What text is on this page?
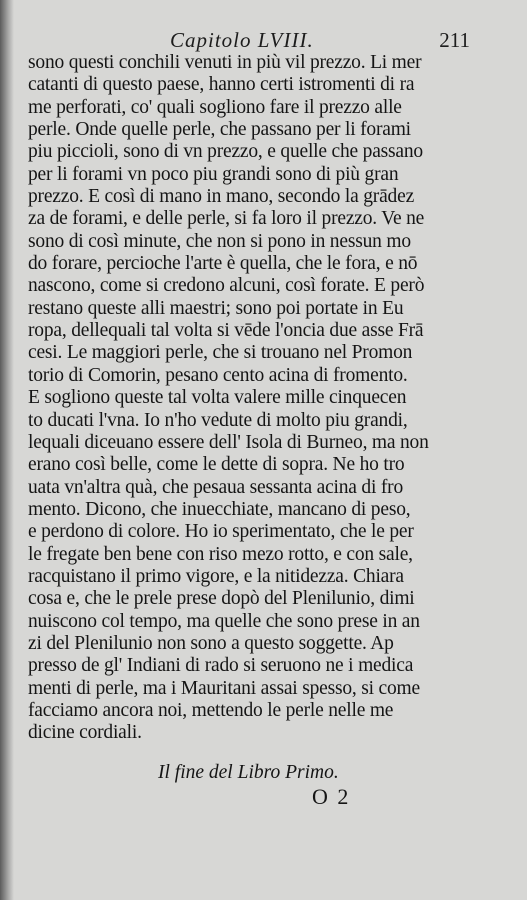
Capitolo LVIII.	211
sono questi conchili venuti in più vil prezzo. Li mer
catanti di questo paese, hanno certi istromenti di ra
me perforati, co' quali sogliono fare il prezzo alle
perle. Onde quelle perle, che passano per li forami
piu piccioli, sono di vn prezzo, e quelle che passano
per li forami vn poco piu grandi sono di più gran
prezzo. E così di mano in mano, secondo la grādez
za de forami, e delle perle, si fa loro il prezzo. Ve ne
sono di così minute, che non si pono in nessun mo
do forare, percioche l'arte è quella, che le fora, e nō
nascono, come si credono alcuni, così forate. E però
restano queste alli maestri; sono poi portate in Eu
ropa, dellequali tal volta si vēde l'oncia due asse Frā
cesi. Le maggiori perle, che si trouano nel Promon
torio di Comorin, pesano cento acina di fromento.
E sogliono queste tal volta valere mille cinquecen
to ducati l'vna. Io n'ho vedute di molto piu grandi,
lequali diceuano essere dell' Isola di Burneo, ma non
erano così belle, come le dette di sopra. Ne ho tro
uata vn'altra quà, che pesaua sessanta acina di fro
mento. Dicono, che inuecchiate, mancano di peso,
e perdono di colore. Ho io sperimentato, che le per
le fregate ben bene con riso mezo rotto, e con sale,
racquistano il primo vigore, e la nitidezza. Chiara
cosa e, che le prele prese dopò del Plenilunio, dimi
nuiscono col tempo, ma quelle che sono prese in an
zi del Plenilunio non sono a questo soggette. Ap
presso de gl' Indiani di rado si seruono ne i medica
menti di perle, ma i Mauritani assai spesso, si come
facciamo ancora noi, mettendo le perle nelle me
dicine cordiali.
Il fine del Libro Primo.
O 2
